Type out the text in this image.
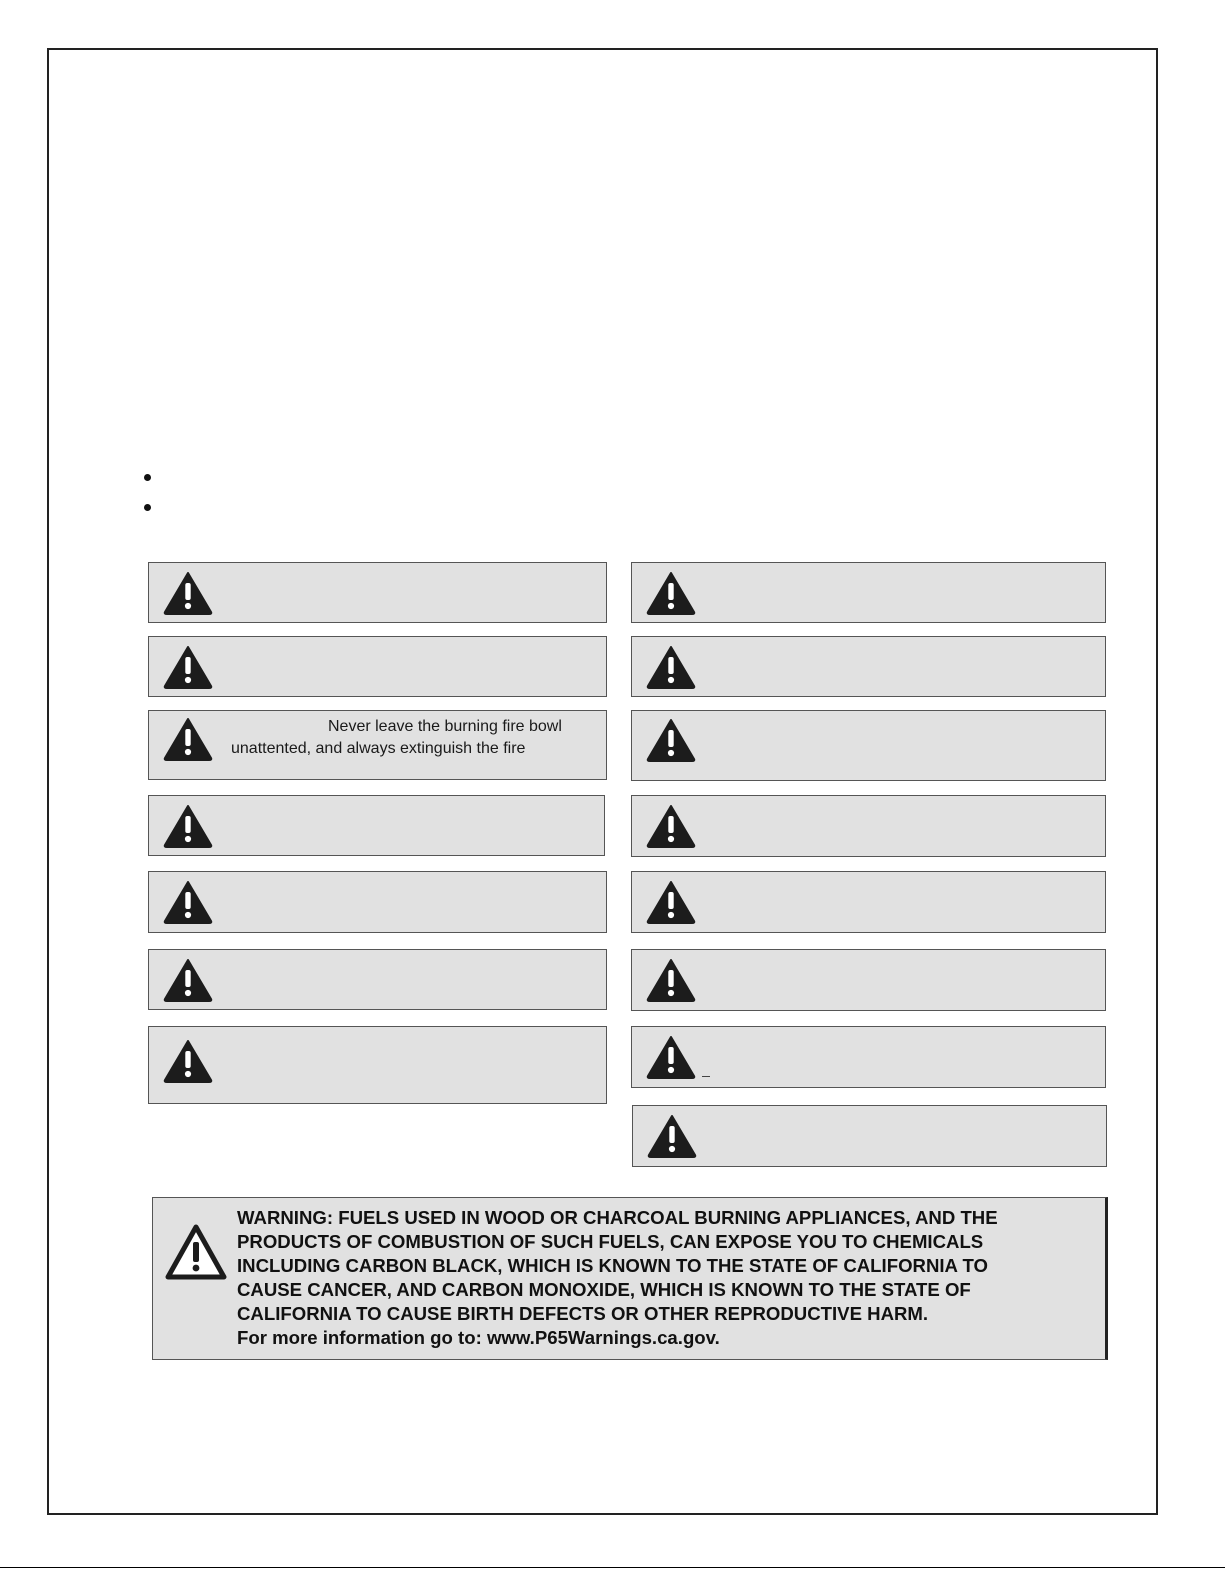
Never leave the burning fire bowl
unattented, and always extinguish the fire
WARNING: FUELS USED IN WOOD OR CHARCOAL BURNING APPLIANCES, AND THE
PRODUCTS OF COMBUSTION OF SUCH FUELS, CAN EXPOSE YOU TO CHEMICALS
INCLUDING CARBON BLACK, WHICH IS KNOWN TO THE STATE OF CALIFORNIA TO
CAUSE CANCER, AND CARBON MONOXIDE, WHICH IS KNOWN TO THE STATE OF
CALIFORNIA TO CAUSE BIRTH DEFECTS OR OTHER REPRODUCTIVE HARM.
For more information go to: www.P65Warnings.ca.gov.
